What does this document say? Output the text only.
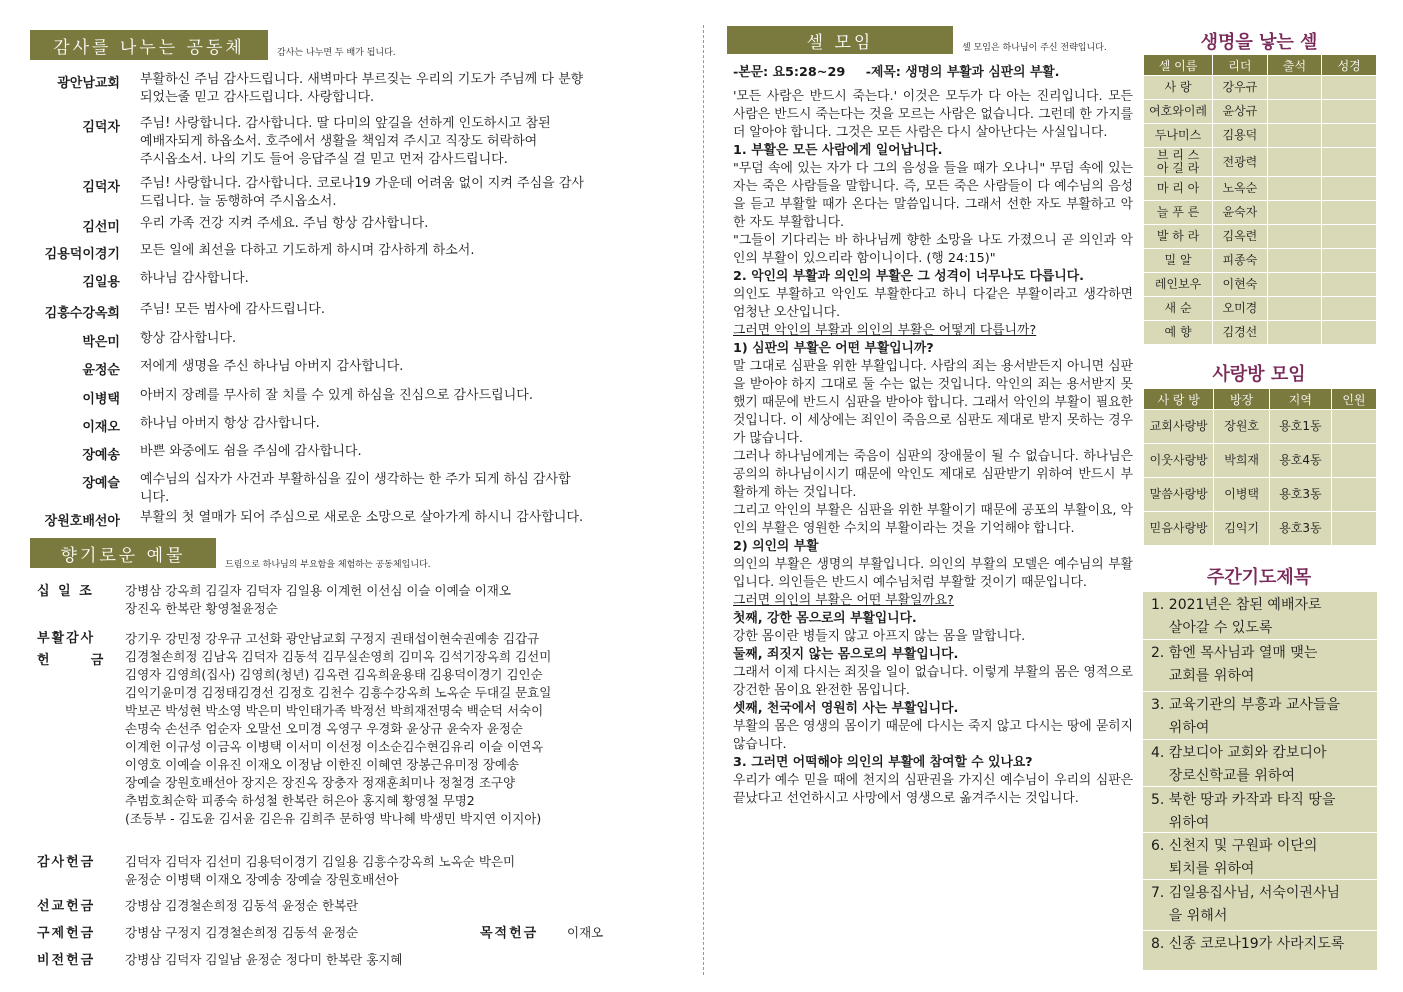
감사를 나누는 공동체	감사는 나누면 두 배가 됩니다.
광안남교회 부활하신 주님 감사드립니다. 새벽마다 부르짖는 우리의 기도가 주님께 다 분향
되었는줄 믿고 감사드립니다. 사랑합니다.
김덕자 주님! 사랑합니다. 감사합니다. 딸 다미의 앞길을 선하게 인도하시고 참된
예배자되게 하옵소서. 호주에서 생활을 책임져 주시고 직장도 허락하여
주시옵소서. 나의 기도 들어 응답주실 걸 믿고 먼저 감사드립니다.
김덕자 주님! 사랑합니다. 감사합니다. 코로나19 가운데 어려움 없이 지켜 주심을 감사
드립니다. 늘 동행하여 주시옵소서.
김선미 우리 가족 건강 지켜 주세요. 주님 항상 감사합니다.
김용덕이경기 모든 일에 최선을 다하고 기도하게 하시며 감사하게 하소서.
김일용 하나님 감사합니다.
김흥수강옥희 주님! 모든 범사에 감사드립니다.
박은미 항상 감사합니다.
윤정순 저에게 생명을 주신 하나님 아버지 감사합니다.
이병택 아버지 장례를 무사히 잘 치를 수 있게 하심을 진심으로 감사드립니다.
이재오 하나님 아버지 항상 감사합니다.
장예송 바쁜 와중에도 쉼을 주심에 감사합니다.
장예슬 예수님의 십자가 사건과 부활하심을 깊이 생각하는 한 주가 되게 하심 감사합
니다.
장원호배선아 부활의 첫 열매가 되어 주심으로 새로운 소망으로 살아가게 하시니 감사합니다.
향기로운 예물	드림으로 하나님의 부요함을 체험하는 공동체입니다.
십 일 조	강병삼 강옥희 김길자 김덕자 김일용 이계헌 이선심 이슬 이예슬 이재오
장진옥 한복란 황영철윤정순
부활감사
헌      금
강기우 강민정 강우규 고선화 광안남교회 구정지 권태섭이현숙권예송 김갑규
김경철손희정 김남옥 김덕자 김동석 김무실손영희 김미옥 김석기장옥희 김선미
김영자 김영희(집사) 김영희(청년) 김옥련 김옥희윤용태 김용덕이경기 김인순
김익기윤미경 김정태김경선 김정호 김천수 김흥수강옥희 노옥순 두대길 문효일
박보곤 박성현 박소영 박은미 박인태가족 박정선 박희재전명숙 백순덕 서숙이
손명숙 손선주 엄순자 오말선 오미경 옥영구 우경화 윤상규 윤숙자 윤정순
이계헌 이규성 이금옥 이병택 이서미 이선정 이소순김수현김유리 이슬 이연옥
이영호 이예슬 이유진 이재오 이정남 이한진 이혜연 장봉근유미정 장예송
장예슬 장원호배선아 장지은 장진옥 장충자 정재훈최미나 정철경 조구양
추범호최순학 피종숙 하성철 한복란 허은아 홍지혜 황영철 무명2
(조등부 - 김도윤 김서윤 김은유 김희주 문하영 박나혜 박생민 박지연 이지아)
감사헌금 김덕자 김덕자 김선미 김용덕이경기 김일용 김흥수강옥희 노옥순 박은미
윤정순 이병택 이재오 장예송 장예슬 장원호배선아
선교헌금 강병삼 김경철손희정 김동석 윤정순 한복란
구제헌금 강병삼 구정지 김경철손희정 김동석 윤정순	목적헌금 이재오
비전헌금 강병삼 김덕자 김일남 윤정순 정다미 한복란 홍지혜
셀 모임	셀 모임은 하나님이 주신 전략입니다.

-본문: 요5:28~29 -제목: 생명의 부활과 심판의 부활.

'모든 사람은 반드시 죽는다.' 이것은 모두가 다 아는 진리입니다. 모든 사람은 반드시 죽는다는 것을 모르는 사람은 없습니다. 그런데 한 가지를 더 알아야 합니다. 그것은 모든 사람은 다시 살아난다는 사실입니다.

1. 부활은 모든 사람에게 일어납니다.

"무덤 속에 있는 자가 다 그의 음성을 들을 때가 오나니" 무덤 속에 있는 자는 죽은 사람들을 말합니다. 즉, 모든 죽은 사람들이 다 예수님의 음성을 듣고 부활할 때가 온다는 말씀입니다. 그래서 선한 자도 부활하고 악한 자도 부활합니다.

"그들이 기다리는 바 하나님께 향한 소망을 나도 가졌으니 곧 의인과 악인의 부활이 있으리라 함이니이다. (행 24:15)"

2. 악인의 부활과 의인의 부활은 그 성격이 너무나도 다릅니다.

의인도 부활하고 악인도 부활한다고 하니 다같은 부활이라고 생각하면 엄청난 오산입니다.

그러면 악인의 부활과 의인의 부활은 어떻게 다릅니까?

1) 심판의 부활은 어떤 부활입니까?

말 그대로 심판을 위한 부활입니다. 사람의 죄는 용서받든지 아니면 심판을 받아야 하지 그대로 둘 수는 없는 것입니다. 악인의 죄는 용서받지 못했기 때문에 반드시 심판을 받아야 합니다. 그래서 악인의 부활이 필요한 것입니다. 이 세상에는 죄인이 죽음으로 심판도 제대로 받지 못하는 경우가 많습니다.

그러나 하나님에게는 죽음이 심판의 장애물이 될 수 없습니다. 하나님은 공의의 하나님이시기 때문에 악인도 제대로 심판받기 위하여 반드시 부활하게 하는 것입니다.

그리고 악인의 부활은 심판을 위한 부활이기 때문에 공포의 부활이요, 악인의 부활은 영원한 수치의 부활이라는 것을 기억해야 합니다.

2) 의인의 부활

의인의 부활은 생명의 부활입니다. 의인의 부활의 모델은 예수님의 부활입니다. 의인들은 반드시 예수님처럼 부활할 것이기 때문입니다.

그러면 의인의 부활은 어떤 부활일까요?

첫째, 강한 몸으로의 부활입니다.

강한 몸이란 병들지 않고 아프지 않는 몸을 말합니다.

둘째, 죄짓지 않는 몸으로의 부활입니다.

그래서 이제 다시는 죄짓을 일이 없습니다. 이렇게 부활의 몸은 영적으로 강건한 몸이요 완전한 몸입니다.

셋째, 천국에서 영원히 사는 부활입니다.

부활의 몸은 영생의 몸이기 때문에 다시는 죽지 않고 다시는 땅에 묻히지 않습니다.

3. 그러면 어떡해야 의인의 부활에 참여할 수 있나요?

우리가 예수 믿을 때에 천지의 심판권을 가지신 예수님이 우리의 심판은 끝났다고 선언하시고 사망에서 영생으로 옮겨주시는 것입니다.

생명을 낳는 셀
셀 이름	리더	출석	성경
사 랑	강우규		
여호와이레	윤상규		
두나미스	김용덕		
브 리 스
아 길 라	전광력		
마 리 아	노옥순		
늘 푸 른	윤숙자		
발 하 라	김옥련		
밀 알	피종숙		
레인보우	이현숙		
새 순	오미경		
예 향	김경선		
사랑방 모임
사 랑 방	방장	지역	인원
교회사랑방	장원호	용호1동	
이웃사랑방	박희재	용호4동	
말씀사랑방	이병택	용호3동	
믿음사랑방	김익기	용호3동	
주간기도제목
1. 2021년은 참된 예배자로
살아갈 수 있도록
2. 함엔 목사님과 열매 맺는
교회를 위하여
3. 교육기관의 부흥과 교사들을
위하여
4. 캄보디아 교회와 캄보디아
장로신학교를 위하여
5. 북한 땅과 카작과 타직 땅을
위하여
6. 신천지 및 구원파 이단의
퇴치를 위하여
7. 김일용집사님, 서숙이권사님
을 위해서
8. 신종 코로나19가 사라지도록
